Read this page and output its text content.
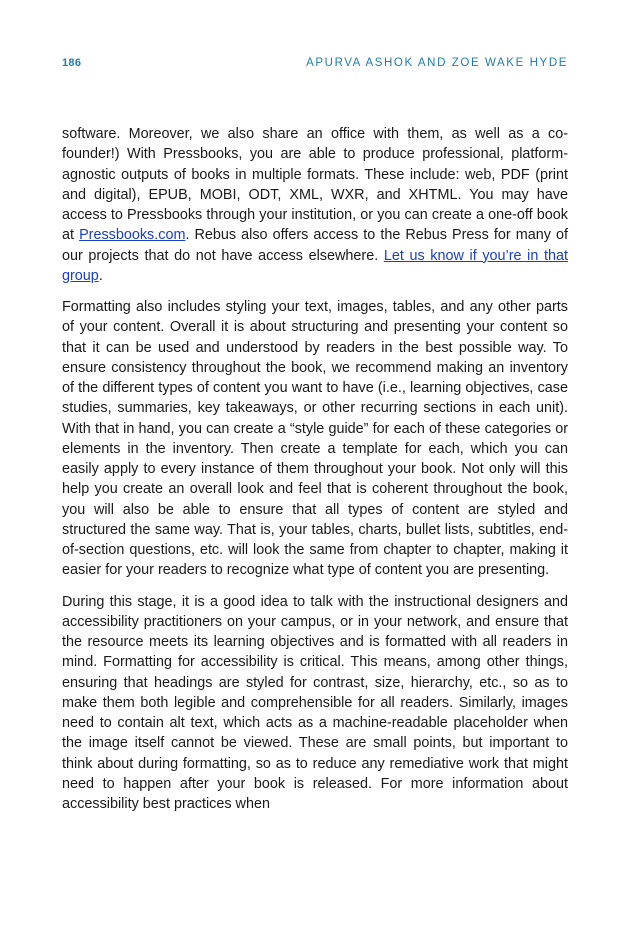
186	APURVA ASHOK AND ZOE WAKE HYDE

software. Moreover, we also share an office with them, as well as a co-founder!) With Pressbooks, you are able to produce professional, platform-agnostic outputs of books in multiple formats. These include: web, PDF (print and digital), EPUB, MOBI, ODT, XML, WXR, and XHTML. You may have access to Pressbooks through your institution, or you can create a one-off book at Pressbooks.com. Rebus also offers access to the Rebus Press for many of our projects that do not have access elsewhere. Let us know if you’re in that group.

Formatting also includes styling your text, images, tables, and any other parts of your content. Overall it is about structuring and presenting your content so that it can be used and understood by readers in the best possible way. To ensure consistency throughout the book, we recommend making an inventory of the different types of content you want to have (i.e., learning objectives, case studies, summaries, key takeaways, or other recurring sections in each unit). With that in hand, you can create a “style guide” for each of these categories or elements in the inventory. Then create a template for each, which you can easily apply to every instance of them throughout your book. Not only will this help you create an overall look and feel that is coherent throughout the book, you will also be able to ensure that all types of content are styled and structured the same way. That is, your tables, charts, bullet lists, subtitles, end-of-section questions, etc. will look the same from chapter to chapter, making it easier for your readers to recognize what type of content you are presenting.

During this stage, it is a good idea to talk with the instructional designers and accessibility practitioners on your campus, or in your network, and ensure that the resource meets its learning objectives and is formatted with all readers in mind. Formatting for accessibility is critical. This means, among other things, ensuring that headings are styled for contrast, size, hierarchy, etc., so as to make them both legible and comprehensible for all readers. Similarly, images need to contain alt text, which acts as a machine-readable placeholder when the image itself cannot be viewed. These are small points, but important to think about during formatting, so as to reduce any remediative work that might need to happen after your book is released. For more information about accessibility best practices when
